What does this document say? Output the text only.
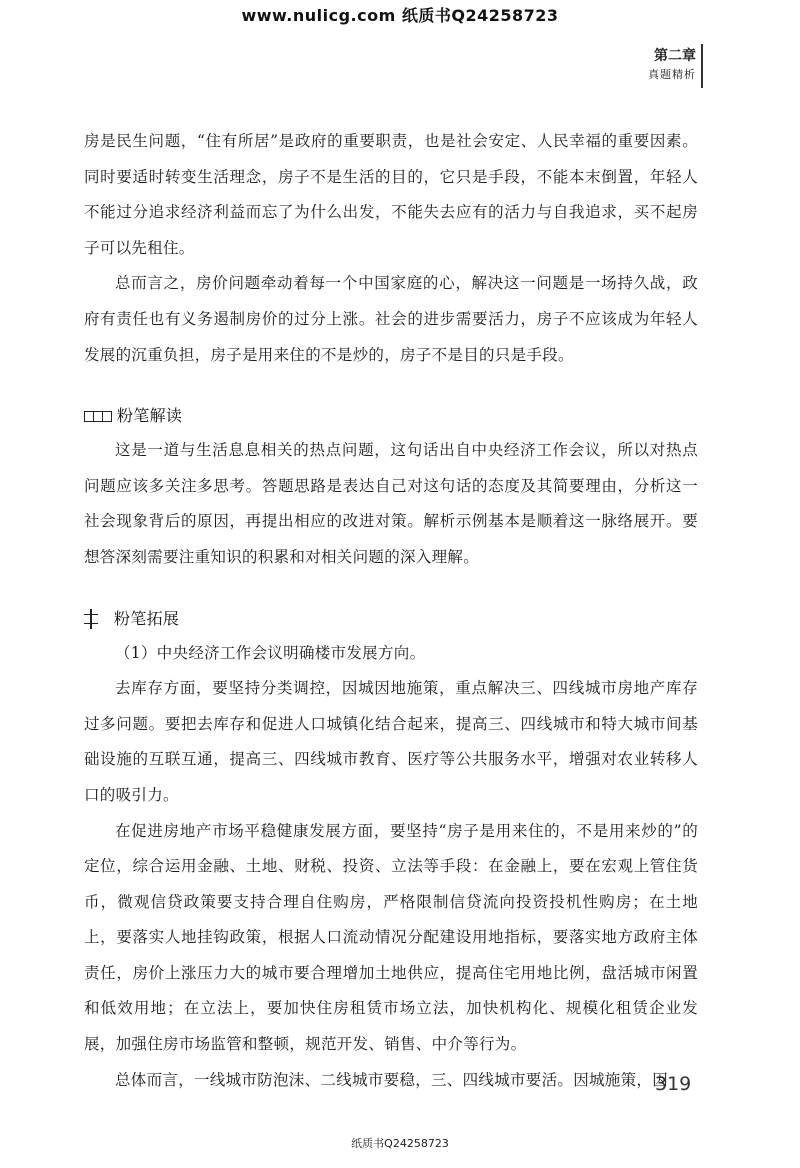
www.nulicg.com 纸质书Q24258723
第二章
真题精析

房是民生问题，“住有所居”是政府的重要职责，也是社会安定、人民幸福的重要因素。同时要适时转变生活理念，房子不是生活的目的，它只是手段，不能本末倒置，年轻人不能过分追求经济利益而忘了为什么出发，不能失去应有的活力与自我追求，买不起房子可以先租住。

总而言之，房价问题牵动着每一个中国家庭的心，解决这一问题是一场持久战，政府有责任也有义务遏制房价的过分上涨。社会的进步需要活力，房子不应该成为年轻人发展的沉重负担，房子是用来住的不是炒的，房子不是目的只是手段。

粉笔解读

这是一道与生活息息相关的热点问题，这句话出自中央经济工作会议，所以对热点问题应该多关注多思考。答题思路是表达自己对这句话的态度及其简要理由，分析这一社会现象背后的原因，再提出相应的改进对策。解析示例基本是顺着这一脉络展开。要想答深刻需要注重知识的积累和对相关问题的深入理解。

粉笔拓展

（1）中央经济工作会议明确楼市发展方向。

去库存方面，要坚持分类调控，因城因地施策，重点解决三、四线城市房地产库存过多问题。要把去库存和促进人口城镇化结合起来，提高三、四线城市和特大城市间基础设施的互联互通，提高三、四线城市教育、医疗等公共服务水平，增强对农业转移人口的吸引力。

在促进房地产市场平稳健康发展方面，要坚持“房子是用来住的，不是用来炒的”的定位，综合运用金融、土地、财税、投资、立法等手段：在金融上，要在宏观上管住货币，微观信贷政策要支持合理自住购房，严格限制信贷流向投资投机性购房；在土地上，要落实人地挂钩政策，根据人口流动情况分配建设用地指标，要落实地方政府主体责任，房价上涨压力大的城市要合理增加土地供应，提高住宅用地比例，盘活城市闲置和低效用地；在立法上，要加快住房租赁市场立法，加快机构化、规模化租赁企业发展，加强住房市场监管和整顿，规范开发、销售、中介等行为。

总体而言，一线城市防泡沫、二线城市要稳，三、四线城市要活。因城施策，因

319
纸质书Q24258723
